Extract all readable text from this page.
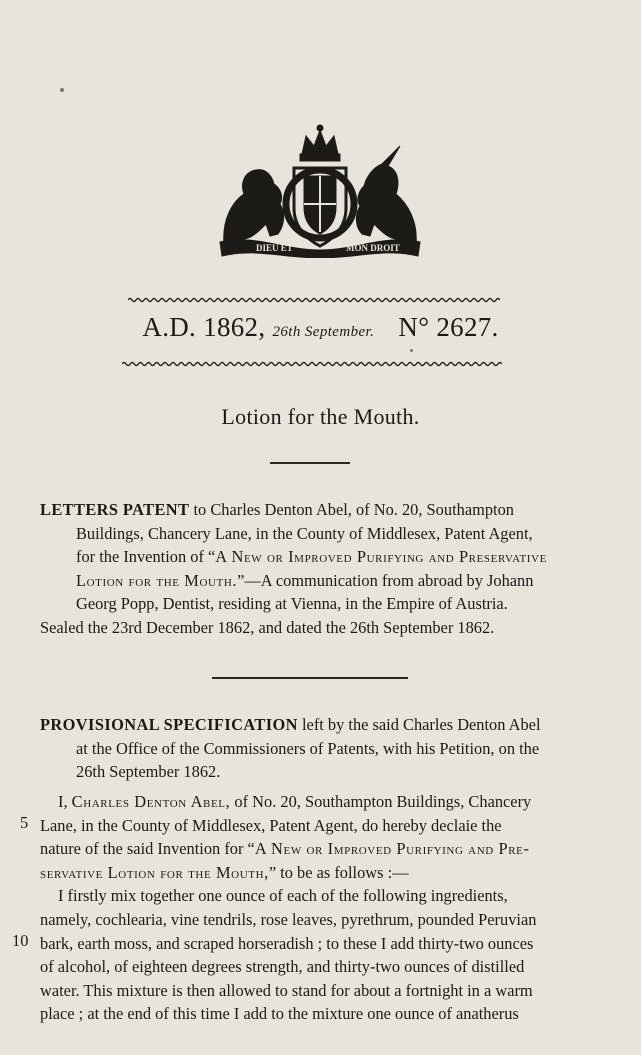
DIEU ET	MON DROIT
A.D. 1862, 26th September. N° 2627.
Lotion for the Mouth.
LETTERS PATENT to Charles Denton Abel, of No. 20, Southampton
Buildings, Chancery Lane, in the County of Middlesex, Patent Agent,
for the Invention of “A New or Improved Purifying and Preservative
Lotion for the Mouth.”—A communication from abroad by Johann
Georg Popp, Dentist, residing at Vienna, in the Empire of Austria.
Sealed the 23rd December 1862, and dated the 26th September 1862.
PROVISIONAL SPECIFICATION left by the said Charles Denton Abel
at the Office of the Commissioners of Patents, with his Petition, on the
26th September 1862.
I, Charles Denton Abel, of No. 20, Southampton Buildings, Chancery
Lane, in the County of Middlesex, Patent Agent, do hereby declaie the
nature of the said Invention for “A New or Improved Purifying and Pre-
servative Lotion for the Mouth,” to be as follows :—
I firstly mix together one ounce of each of the following ingredients,
namely, cochlearia, vine tendrils, rose leaves, pyrethrum, pounded Peruvian
bark, earth moss, and scraped horseradish ; to these I add thirty-two ounces
of alcohol, of eighteen degrees strength, and thirty-two ounces of distilled
water. This mixture is then allowed to stand for about a fortnight in a warm
place ; at the end of this time I add to the mixture one ounce of anatherus
5
10
